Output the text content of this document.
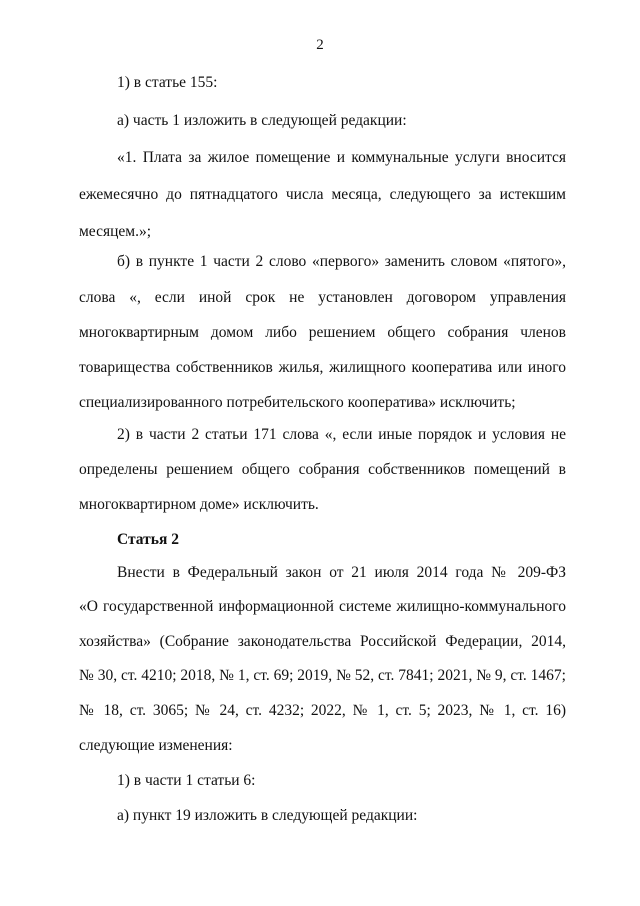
2
1) в статье 155:
а) часть 1 изложить в следующей редакции:
«1. Плата за жилое помещение и коммунальные услуги вносится
ежемесячно до пятнадцатого числа месяца, следующего за истекшим
месяцем.»;
б) в пункте 1 части 2 слово «первого» заменить словом «пятого»,
слова «, если иной срок не установлен договором управления
многоквартирным домом либо решением общего собрания членов
товарищества собственников жилья, жилищного кооператива или иного
специализированного потребительского кооператива» исключить;
2) в части 2 статьи 171 слова «, если иные порядок и условия не
определены решением общего собрания собственников помещений в
многоквартирном доме» исключить.
Статья 2
Внести в Федеральный закон от 21 июля 2014 года № 209-ФЗ
«О государственной информационной системе жилищно-коммунального
хозяйства» (Собрание законодательства Российской Федерации, 2014,
№ 30, ст. 4210; 2018, № 1, ст. 69; 2019, № 52, ст. 7841; 2021, № 9, ст. 1467;
№ 18, ст. 3065; № 24, ст. 4232; 2022, № 1, ст. 5; 2023, № 1, ст. 16)
следующие изменения:
1) в части 1 статьи 6:
а) пункт 19 изложить в следующей редакции:
